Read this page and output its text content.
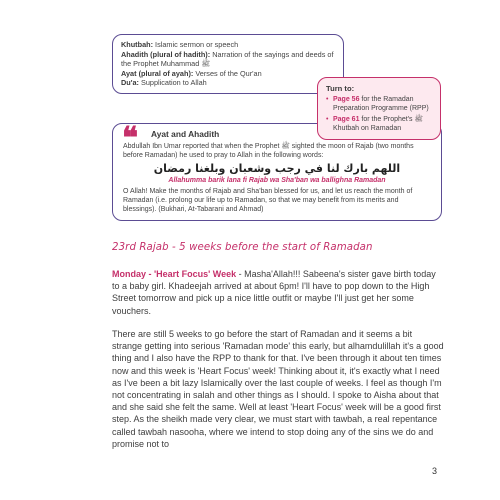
Khutbah: Islamic sermon or speech

Ahadith (plural of hadith): Narration of the sayings and deeds of the Prophet Muhammad ﷺ

Ayat (plural of ayah): Verses of the Qur'an

Du'a: Supplication to Allah

Turn to:
• Page 56 for the Ramadan Preparation Programme (RPP)
• Page 61 for the Prophet's ﷺ Khutbah on Ramadan
❝ Ayat and Ahadith

Abdullah Ibn Umar reported that when the Prophet ﷺ sighted the moon of Rajab (two months before Ramadan) he used to pray to Allah in the following words:

اللهم بارك لنا في رجب وشعبان وبلغنا رمضان

Allahumma barik lana fi Rajab wa Sha'ban wa ballighna Ramadan

O Allah! Make the months of Rajab and Sha'ban blessed for us, and let us reach the month of Ramadan (i.e. prolong our life up to Ramadan, so that we may benefit from its merits and blessings). (Bukhari, At-Tabarani and Ahmad)

23rd Rajab - 5 weeks before the start of Ramadan
Monday - 'Heart Focus' Week - Masha'Allah!!! Sabeena's sister gave birth today to a baby girl. Khadeejah arrived at about 6pm! I'll have to pop down to the High Street tomorrow and pick up a nice little outfit or maybe I'll just get her some vouchers.
There are still 5 weeks to go before the start of Ramadan and it seems a bit strange getting into serious 'Ramadan mode' this early, but alhamdulillah it's a good thing and I also have the RPP to thank for that. I've been through it about ten times now and this week is 'Heart Focus' week! Thinking about it, it's exactly what I need as I've been a bit lazy Islamically over the last couple of weeks. I feel as though I'm not concentrating in salah and other things as I should. I spoke to Aisha about that and she said she felt the same. Well at least 'Heart Focus' week will be a good first step. As the sheikh made very clear, we must start with tawbah, a real repentance called tawbah nasooha, where we intend to stop doing any of the sins we do and promise not to
3
